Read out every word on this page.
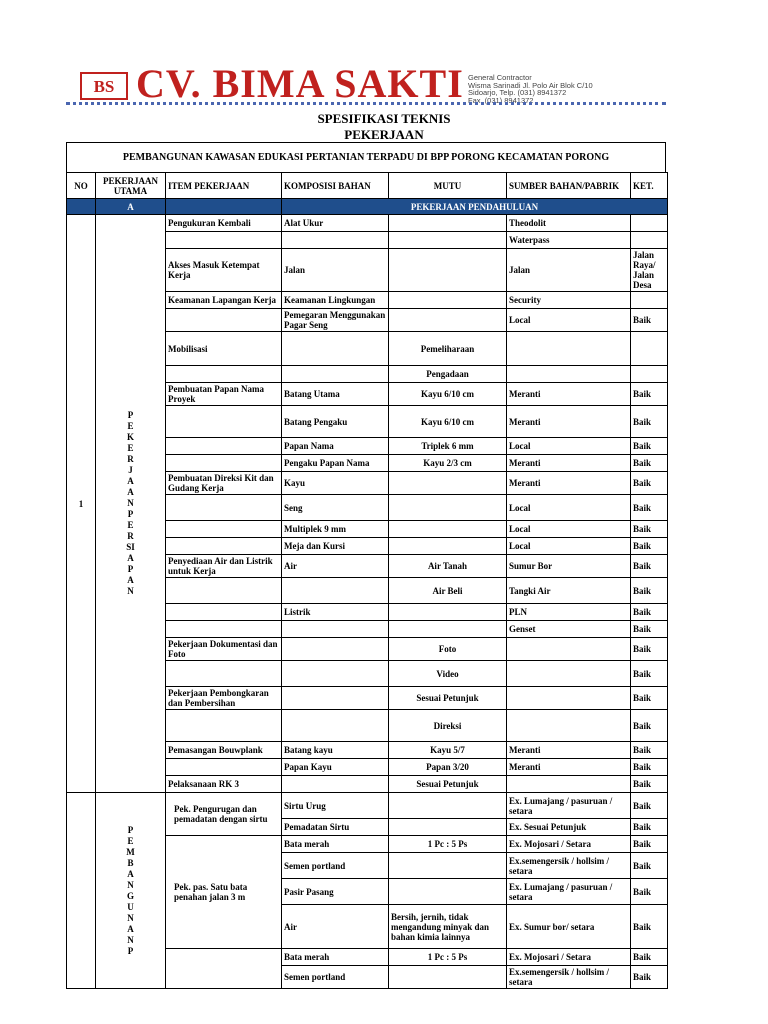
BS CV. BIMA SAKTI General Contractor
Wisma Sarinadi Jl. Polo Air Blok C/10
Sidoarjo, Telp. (031) 8941372
Fax. (031) 8941372
SPESIFIKASI TEKNIS
PEKERJAAN
PEMBANGUNAN KAWASAN EDUKASI PERTANIAN TERPADU DI BPP PORONG KECAMATAN PORONG
NO	PEKERJAAN UTAMA	ITEM PEKERJAAN	KOMPOSISI BAHAN	MUTU	SUMBER BAHAN/PABRIK	KET.
	A		PEKERJAAN PENDAHULUAN			
1	PEKERJAAN PERSIAPAN	Pengukuran Kembali	Alat Ukur		Theodolit	
					Waterpass	
		Akses Masuk Ketempat Kerja	Jalan		Jalan	Jalan Raya/ Jalan Desa
		Keamanan Lapangan Kerja	Keamanan Lingkungan		Security	
			Pemegaran Menggunakan Pagar Seng		Local	Baik
		Mobilisasi		Pemeliharaan		
				Pengadaan		
		Pembuatan Papan Nama Proyek	Batang Utama	Kayu 6/10 cm	Meranti	Baik
			Batang Pengaku	Kayu 6/10 cm	Meranti	Baik
			Papan Nama	Triplek 6 mm	Local	Baik
			Pengaku Papan Nama	Kayu 2/3 cm	Meranti	Baik
		Pembuatan Direksi Kit dan Gudang Kerja	Kayu		Meranti	Baik
			Seng		Local	Baik
			Multiplek 9 mm		Local	Baik
			Meja dan Kursi		Local	Baik
		Penyediaan Air dan Listrik untuk Kerja	Air	Air Tanah	Sumur Bor	Baik
				Air Beli	Tangki Air	Baik
			Listrik		PLN	Baik
					Genset	Baik
		Pekerjaan Dokumentasi dan Foto		Foto		Baik
				Video		Baik
		Pekerjaan Pembongkaran dan Pembersihan		Sesuai Petunjuk		Baik
				Direksi		Baik
		Pemasangan Bouwplank	Batang kayu	Kayu 5/7	Meranti	Baik
			Papan Kayu	Papan 3/20	Meranti	Baik
		Pelaksanaan RK 3		Sesuai Petunjuk		Baik
	PEMBANGUNAN P	Pek. Pengurugan dan pemadatan dengan sirtu	Sirtu Urug		Ex. Lumajang / pasuruan / setara	Baik
			Pemadatan Sirtu		Ex. Sesuai Petunjuk	Baik
		Pek. pas. Satu bata penahan jalan 3 m	Bata merah	1 Pc : 5 Ps	Ex. Mojosari / Setara	Baik
			Semen portland		Ex.semengersik / hollsim / setara	Baik
			Pasir Pasang		Ex. Lumajang / pasuruan / setara	Baik
			Air	Bersih, jernih, tidak mengandung minyak dan bahan kimia lainnya	Ex. Sumur bor/ setara	Baik
			Bata merah	1 Pc : 5 Ps	Ex. Mojosari / Setara	Baik
			Semen portland		Ex.semengersik / hollsim / setara	Baik
